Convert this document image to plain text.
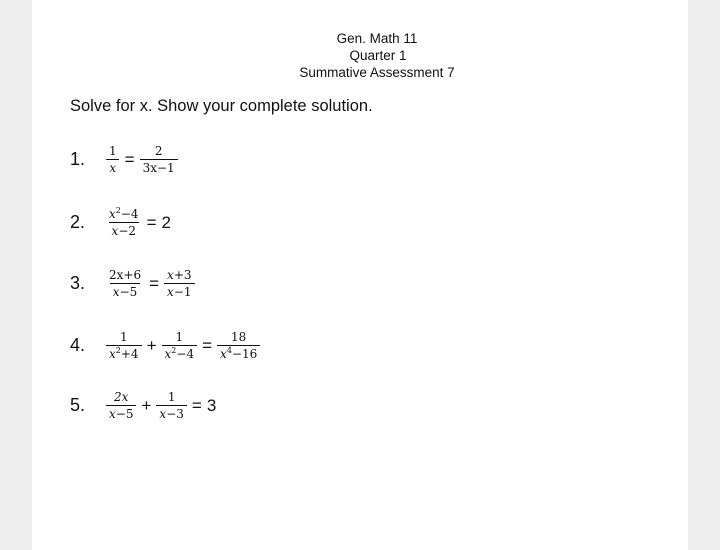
Gen. Math 11
Quarter 1
Summative Assessment 7
Solve for x. Show your complete solution.
1.	$\frac{1}{x} = \frac{2}{3x-1}$
2.	$\frac{x^2-4}{x-2} = 2$
3.	$\frac{2x+6}{x-5} = \frac{x+3}{x-1}$
4.	$\frac{1}{x^2+4} + \frac{1}{x^2-4} = \frac{18}{x^4-16}$
5.	$\frac{2x}{x-5} + \frac{1}{x-3} = 3$
